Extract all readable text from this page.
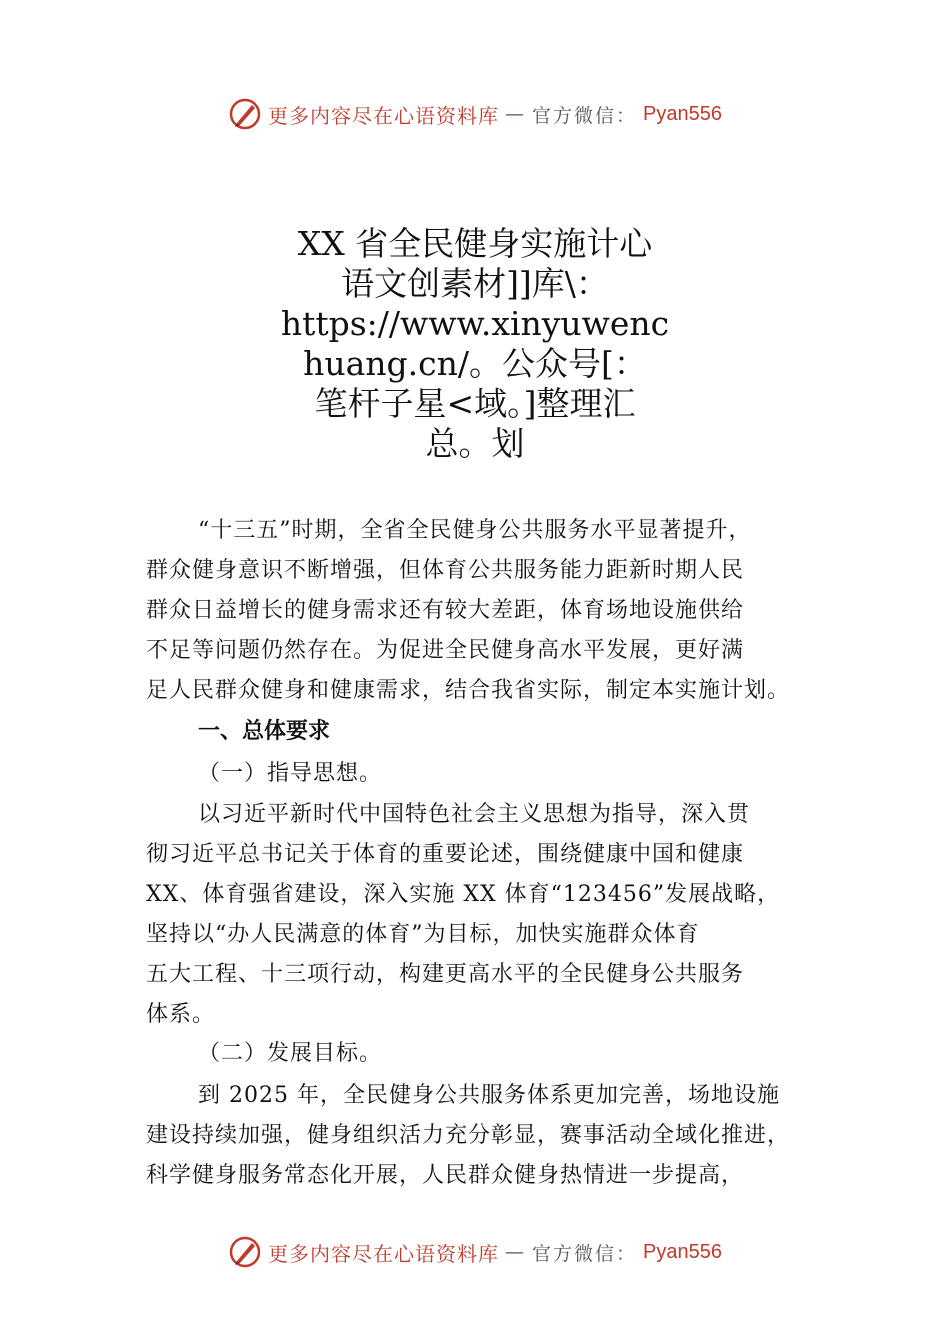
更多内容尽在心语资料库 — 官方微信： Pyan556
XX 省全民健身实施计心
语文创素材]]库\：
https://www.xinyuwenc
huang.cn/。公众号[：
笔杆子星<域。]整理汇
总。划
“十三五”时期，全省全民健身公共服务水平显著提升，
群众健身意识不断增强，但体育公共服务能力距新时期人民
群众日益增长的健身需求还有较大差距，体育场地设施供给
不足等问题仍然存在。为促进全民健身高水平发展，更好满
足人民群众健身和健康需求，结合我省实际，制定本实施计划。
一、总体要求
（一）指导思想。
以习近平新时代中国特色社会主义思想为指导，深入贯
彻习近平总书记关于体育的重要论述，围绕健康中国和健康
XX、体育强省建设，深入实施 XX 体育“123456”发展战略，
坚持以“办人民满意的体育”为目标，加快实施群众体育
五大工程、十三项行动，构建更高水平的全民健身公共服务
体系。
（二）发展目标。
到 2025 年，全民健身公共服务体系更加完善，场地设施
建设持续加强，健身组织活力充分彰显，赛事活动全域化推进，
科学健身服务常态化开展，人民群众健身热情进一步提高，
更多内容尽在心语资料库 — 官方微信： Pyan556
